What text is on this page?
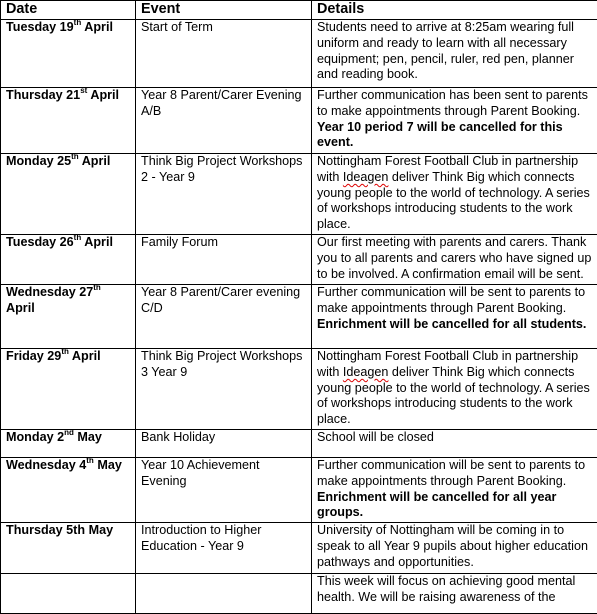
Date	Event	Details
Tuesday 19th April	Start of Term	Students need to arrive at 8:25am wearing full uniform and ready to learn with all necessary equipment; pen, pencil, ruler, red pen, planner and reading book.
Thursday 21st April	Year 8 Parent/Carer Evening A/B	Further communication has been sent to parents to make appointments through Parent Booking.
Year 10 period 7 will be cancelled for this event.
Monday 25th April	Think Big Project Workshops 2 - Year 9	Nottingham Forest Football Club in partnership with Ideagen deliver Think Big which connects young people to the world of technology. A series of workshops introducing students to the work place.
Tuesday 26th April	Family Forum	Our first meeting with parents and carers. Thank you to all parents and carers who have signed up to be involved. A confirmation email will be sent.
Wednesday 27th April	Year 8 Parent/Carer evening C/D	Further communication will be sent to parents to make appointments through Parent Booking.
Enrichment will be cancelled for all students.
Friday 29th April	Think Big Project Workshops 3 Year 9	Nottingham Forest Football Club in partnership with Ideagen deliver Think Big which connects young people to the world of technology. A series of workshops introducing students to the work place.
Monday 2nd May	Bank Holiday	School will be closed
Wednesday 4th May	Year 10 Achievement Evening	Further communication will be sent to parents to make appointments through Parent Booking.
Enrichment will be cancelled for all year groups.
Thursday 5th May	Introduction to Higher Education - Year 9	University of Nottingham will be coming in to speak to all Year 9 pupils about higher education pathways and opportunities.
		This week will focus on achieving good mental health. We will be raising awareness of the
